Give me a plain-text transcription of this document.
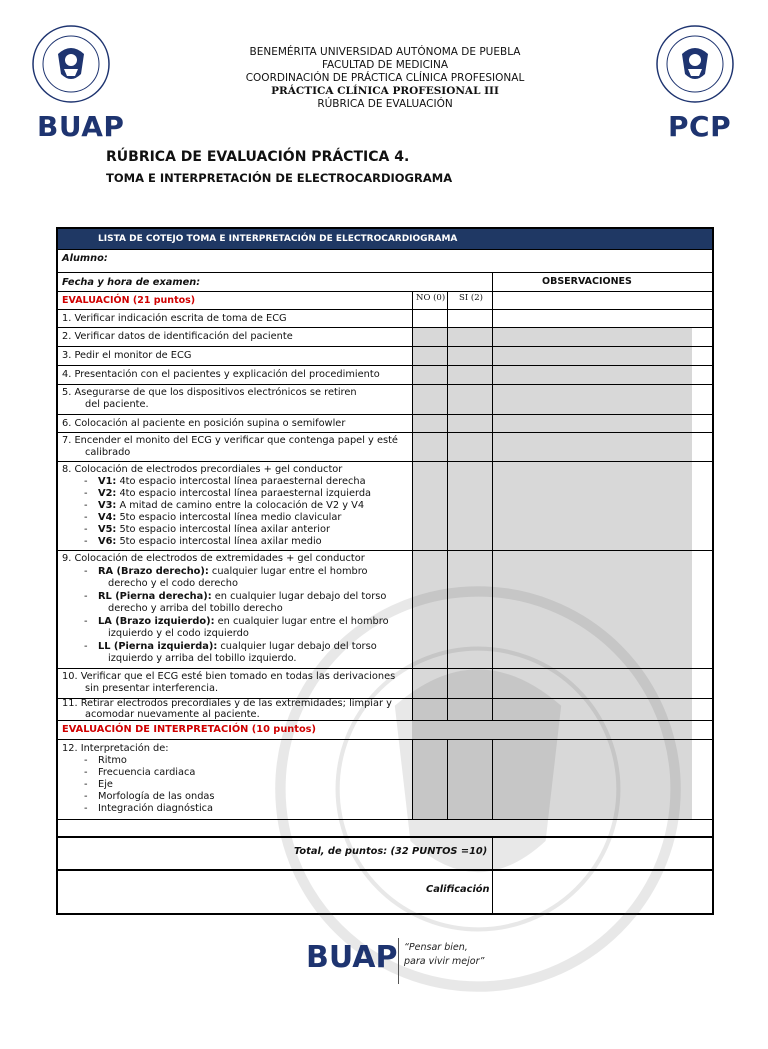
BUAP	PCP
BENEMÉRITA UNIVERSIDAD AUTÓNOMA DE PUEBLA
FACULTAD DE MEDICINA
COORDINACIÓN DE PRÁCTICA CLÍNICA PROFESIONAL
PRÁCTICA CLÍNICA PROFESIONAL III
RÚBRICA DE EVALUACIÓN
RÚBRICA DE EVALUACIÓN PRÁCTICA 4.
TOMA E INTERPRETACIÓN DE ELECTROCARDIOGRAMA
LISTA DE COTEJO TOMA E INTERPRETACIÓN DE ELECTROCARDIOGRAMA
Alumno:
Fecha y hora de examen:	OBSERVACIONES
EVALUACIÓN (21 puntos)	NO (0) SI (2)
1. Verificar indicación escrita de toma de ECG
2. Verificar datos de identificación del paciente
3. Pedir el monitor de ECG
4. Presentación con el pacientes y explicación del procedimiento
5. Asegurarse de que los dispositivos electrónicos se retiren
del paciente.
6. Colocación al paciente en posición supina o semifowler
7. Encender el monito del ECG y verificar que contenga papel y esté
calibrado
8. Colocación de electrodos precordiales + gel conductor
- V1: 4to espacio intercostal línea paraesternal derecha
- V2: 4to espacio intercostal línea paraesternal izquierda
- V3: A mitad de camino entre la colocación de V2 y V4
- V4: 5to espacio intercostal línea medio clavicular
- V5: 5to espacio intercostal línea axilar anterior
- V6: 5to espacio intercostal línea axilar medio
9. Colocación de electrodos de extremidades + gel conductor
- RA (Brazo derecho): cualquier lugar entre el hombro
derecho y el codo derecho
- RL (Pierna derecha): en cualquier lugar debajo del torso
derecho y arriba del tobillo derecho
- LA (Brazo izquierdo): en cualquier lugar entre el hombro
izquierdo y el codo izquierdo
- LL (Pierna izquierda): cualquier lugar debajo del torso
izquierdo y arriba del tobillo izquierdo.
10. Verificar que el ECG esté bien tomado en todas las derivaciones
sin presentar interferencia.
11. Retirar electrodos precordiales y de las extremidades; limpiar y
acomodar nuevamente al paciente.
EVALUACIÓN DE INTERPRETACIÓN (10 puntos)
12. Interpretación de:
- Ritmo
- Frecuencia cardiaca
- Eje
- Morfología de las ondas
- Integración diagnóstica
Total, de puntos: (32 PUNTOS =10)
Calificación
BUAP “Pensar bien,
para vivir mejor”
